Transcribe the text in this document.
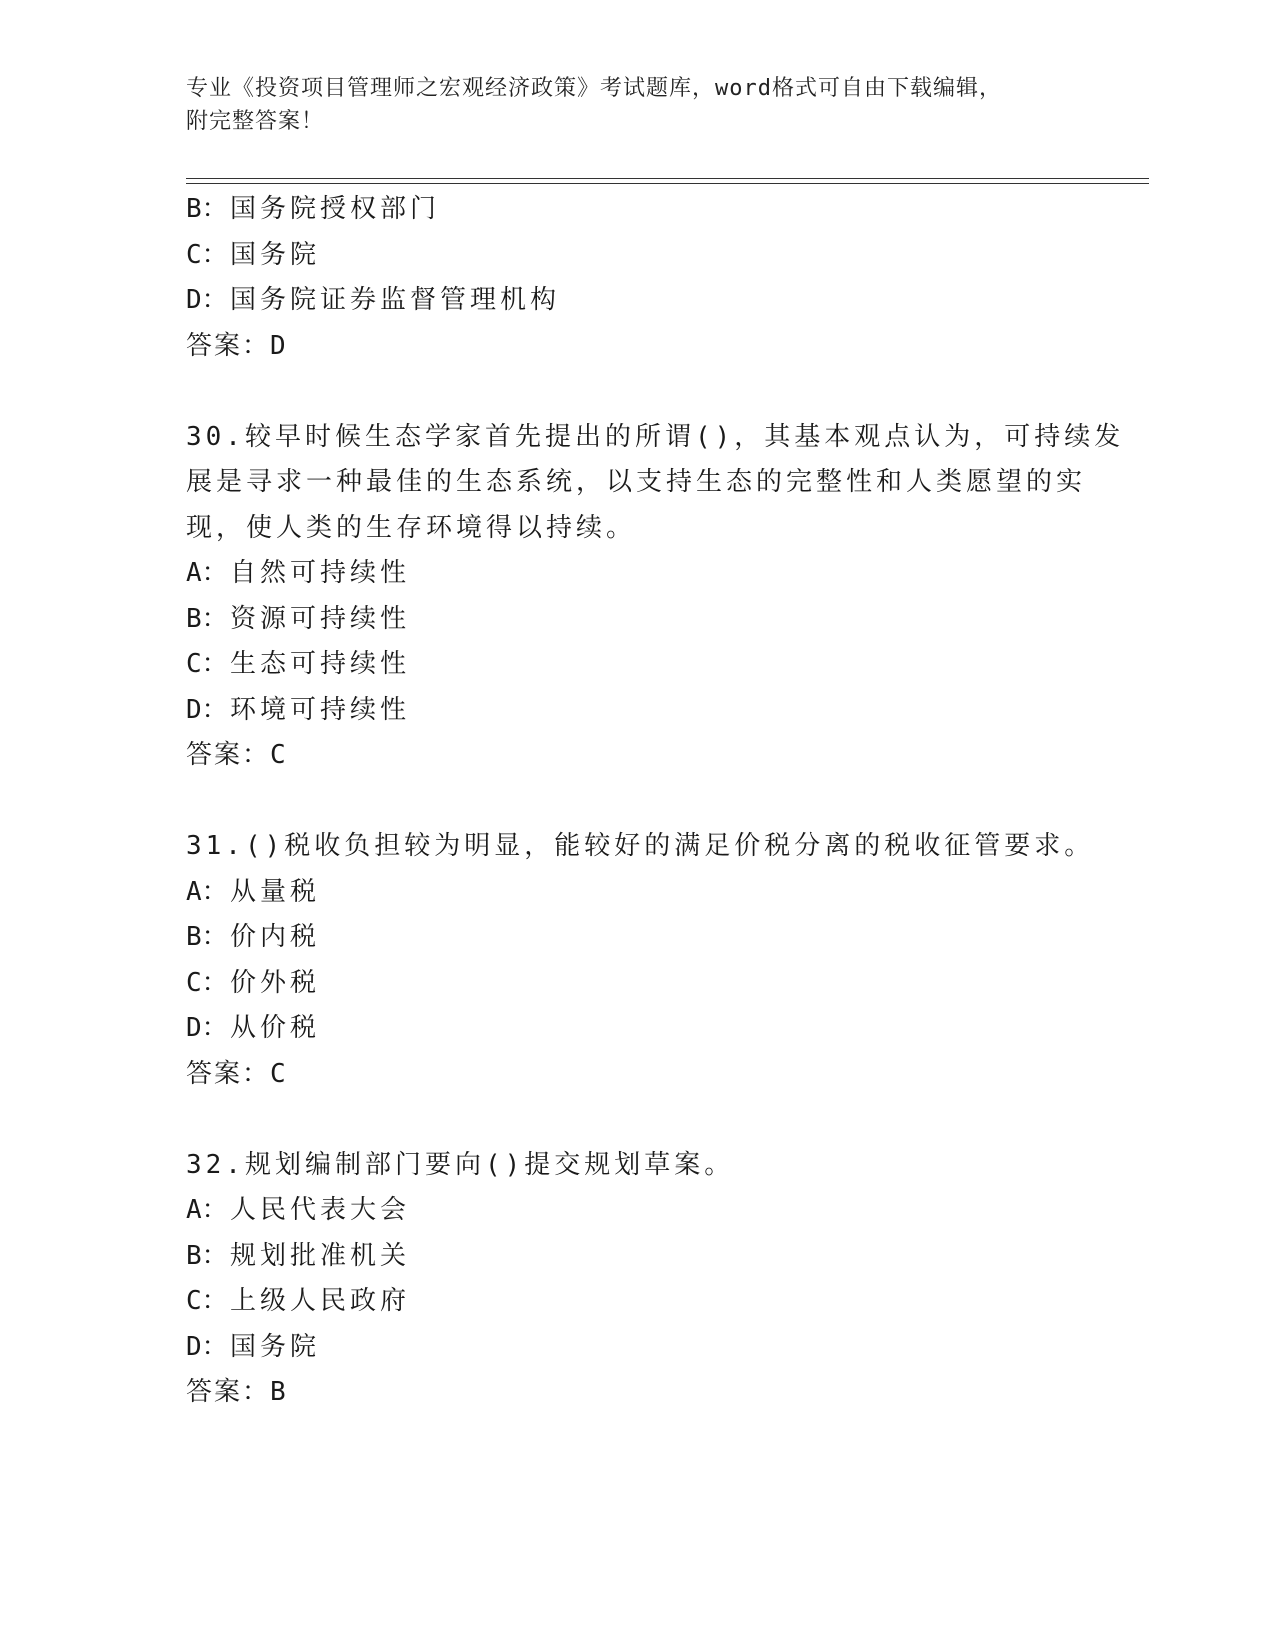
专业《投资项目管理师之宏观经济政策》考试题库，word格式可自由下载编辑，
附完整答案！
B：国务院授权部门
C：国务院
D：国务院证券监督管理机构
答案：D
30.较早时候生态学家首先提出的所谓()，其基本观点认为，可持续发
展是寻求一种最佳的生态系统，以支持生态的完整性和人类愿望的实
现，使人类的生存环境得以持续。
A：自然可持续性
B：资源可持续性
C：生态可持续性
D：环境可持续性
答案：C
31.()税收负担较为明显，能较好的满足价税分离的税收征管要求。
A：从量税
B：价内税
C：价外税
D：从价税
答案：C
32.规划编制部门要向()提交规划草案。
A：人民代表大会
B：规划批准机关
C：上级人民政府
D：国务院
答案：B
